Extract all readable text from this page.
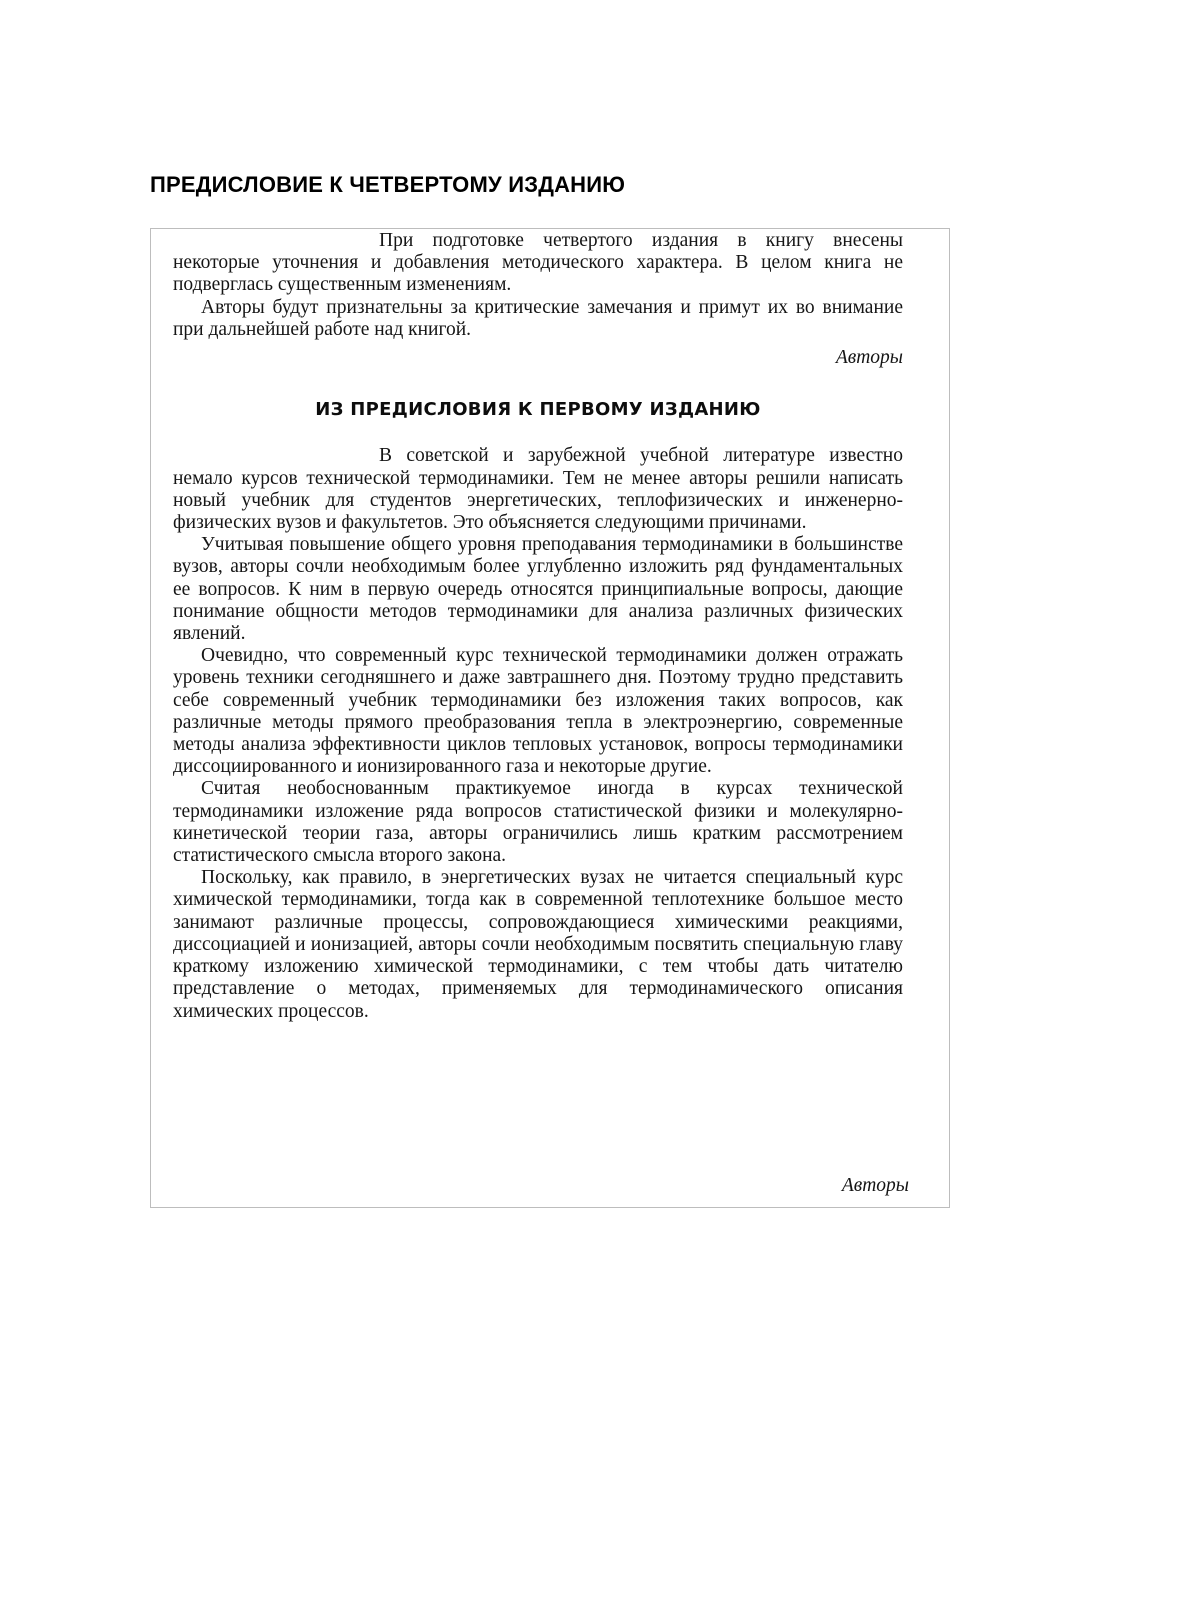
ПРЕДИСЛОВИЕ К ЧЕТВЕРТОМУ ИЗДАНИЮ

При подготовке четвертого издания в книгу внесены некоторые уточнения и добавления методического характера. В целом книга не подверглась существенным изменениям.

Авторы будут признательны за критические замечания и примут их во внимание при дальнейшей работе над книгой.

Авторы

ИЗ ПРЕДИСЛОВИЯ К ПЕРВОМУ ИЗДАНИЮ

В советской и зарубежной учебной литературе известно немало курсов технической термодинамики. Тем не менее авторы решили написать новый учебник для студентов энергетических, теплофизических и инженерно-физических вузов и факультетов. Это объясняется следующими причинами.

Учитывая повышение общего уровня преподавания термодинамики в большинстве вузов, авторы сочли необходимым более углубленно изложить ряд фундаментальных ее вопросов. К ним в первую очередь относятся принципиальные вопросы, дающие понимание общности методов термодинамики для анализа различных физических явлений.

Очевидно, что современный курс технической термодинамики должен отражать уровень техники сегодняшнего и даже завтрашнего дня. Поэтому трудно представить себе современный учебник термодинамики без изложения таких вопросов, как различные методы прямого преобразования тепла в электроэнергию, современные методы анализа эффективности циклов тепловых установок, вопросы термодинамики диссоциированного и ионизированного газа и некоторые другие.

Считая необоснованным практикуемое иногда в курсах технической термодинамики изложение ряда вопросов статистической физики и молекулярно-кинетической теории газа, авторы ограничились лишь кратким рассмотрением статистического смысла второго закона.

Поскольку, как правило, в энергетических вузах не читается специальный курс химической термодинамики, тогда как в современной теплотехнике большое место занимают различные процессы, сопровождающиеся химическими реакциями, диссоциацией и ионизацией, авторы сочли необходимым посвятить специальную главу краткому изложению химической термодинамики, с тем чтобы дать читателю представление о методах, применяемых для термодинамического описания химических процессов.

Авторы
